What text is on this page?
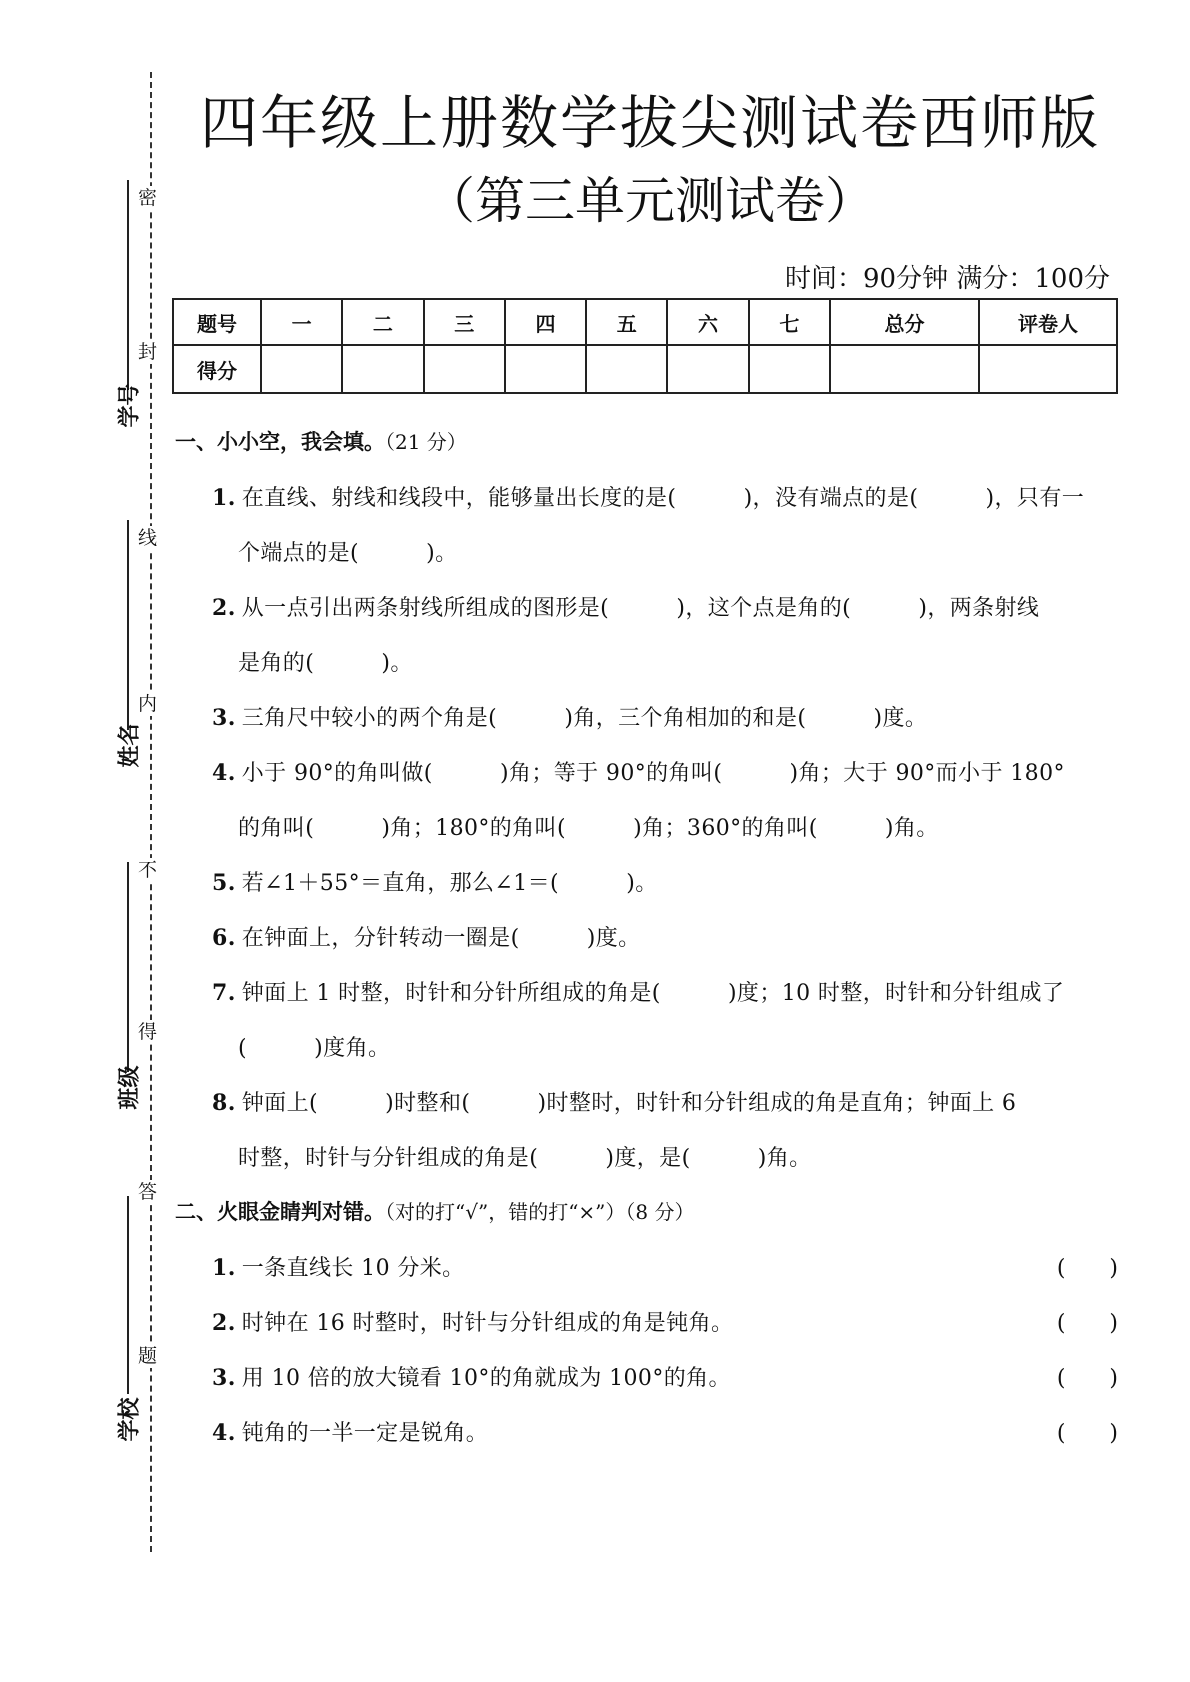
密
封
线
内
不
得
答
题
学号
姓名
班级
学校
四年级上册数学拔尖测试卷西师版
（第三单元测试卷）
时间：90分钟 满分：100分
题号	一	二	三	四	五	六	七	总分	评卷人
得分									
一、小小空，我会填。（21 分）
1. 在直线、射线和线段中，能够量出长度的是(　　　)，没有端点的是(　　　)，只有一
个端点的是(　　　)。
2. 从一点引出两条射线所组成的图形是(　　　)，这个点是角的(　　　)，两条射线
是角的(　　　)。
3. 三角尺中较小的两个角是(　　　)角，三个角相加的和是(　　　)度。
4. 小于 90°的角叫做(　　　)角；等于 90°的角叫(　　　)角；大于 90°而小于 180°
的角叫(　　　)角；180°的角叫(　　　)角；360°的角叫(　　　)角。
5. 若∠1＋55°＝直角，那么∠1＝(　　　)。
6. 在钟面上，分针转动一圈是(　　　)度。
7. 钟面上 1 时整，时针和分针所组成的角是(　　　)度；10 时整，时针和分针组成了
(　　　)度角。
8. 钟面上(　　　)时整和(　　　)时整时，时针和分针组成的角是直角；钟面上 6
时整，时针与分针组成的角是(　　　)度，是(　　　)角。
二、火眼金睛判对错。（对的打“√”，错的打“×”）（8 分）
1. 一条直线长 10 分米。	(　　)
2. 时钟在 16 时整时，时针与分针组成的角是钝角。	(　　)
3. 用 10 倍的放大镜看 10°的角就成为 100°的角。	(　　)
4. 钝角的一半一定是锐角。	(　　)
